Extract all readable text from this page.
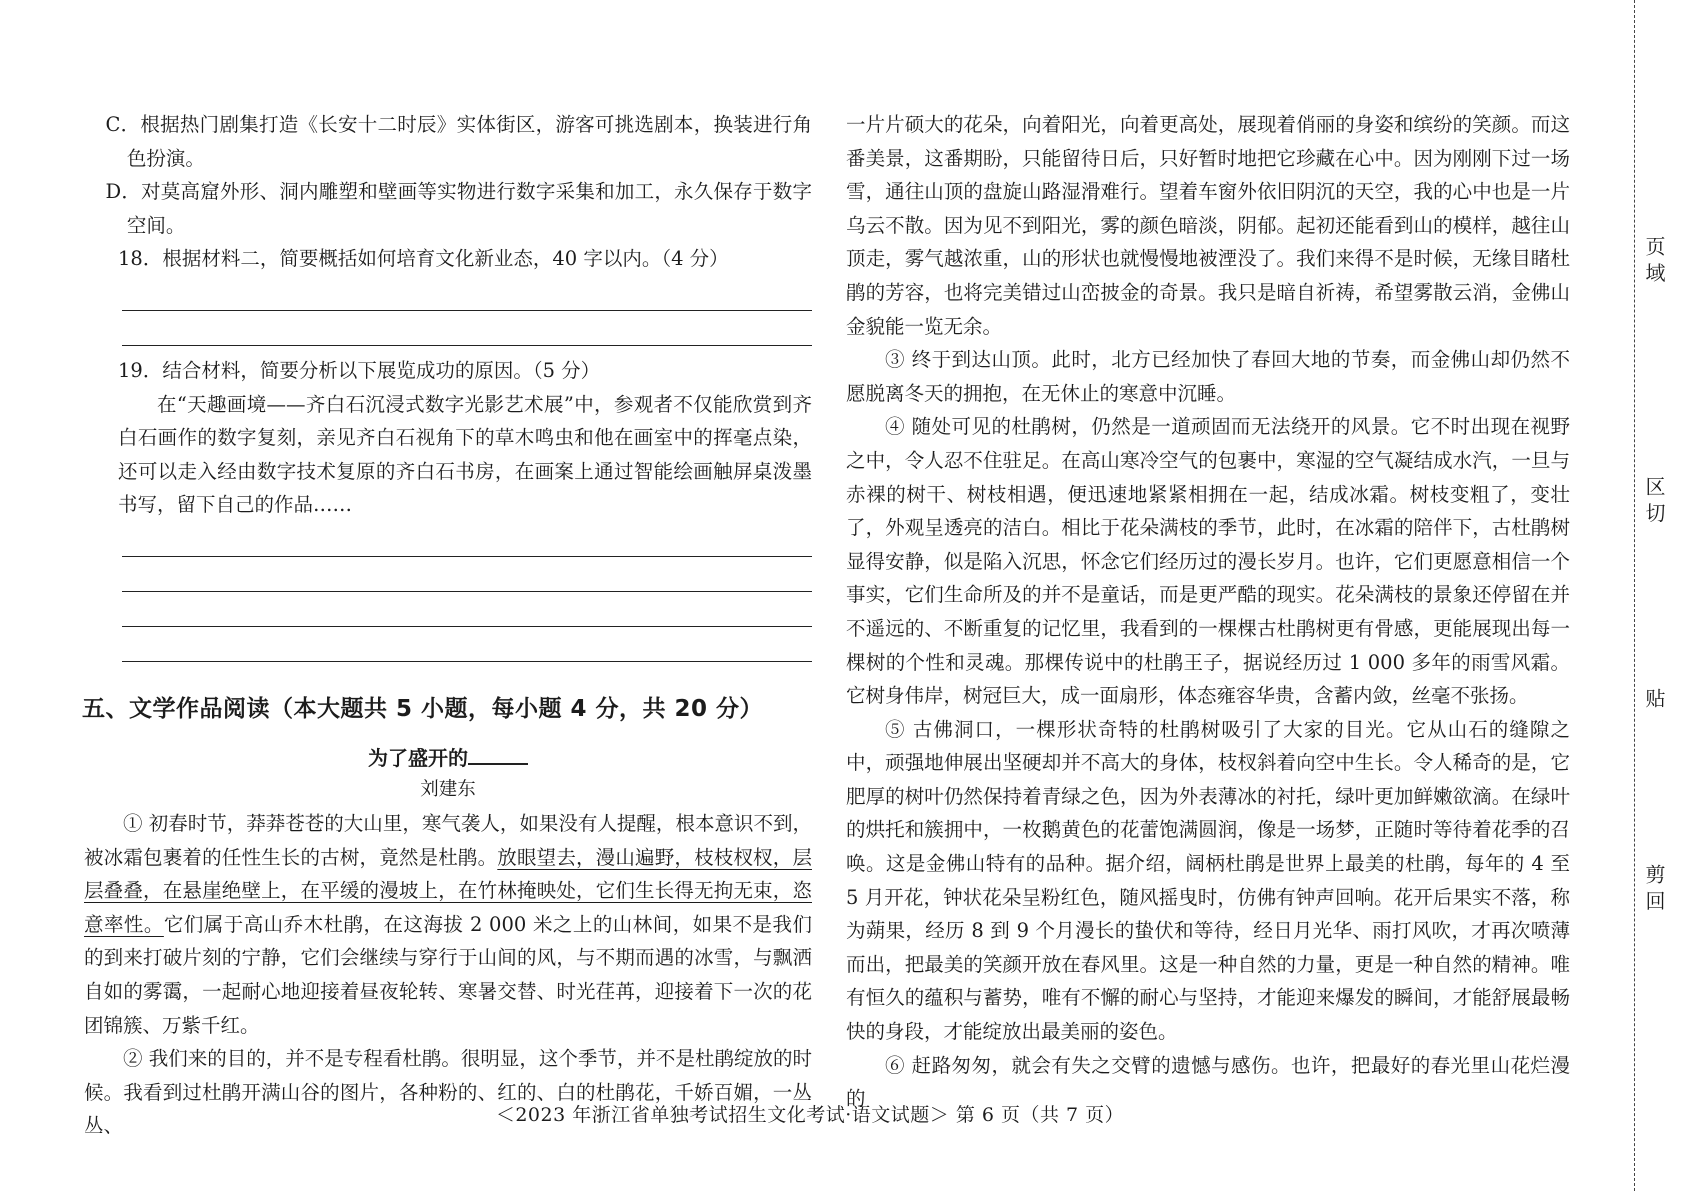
C．根据热门剧集打造《长安十二时辰》实体街区，游客可挑选剧本，换装进行角色扮演。

D．对莫高窟外形、洞内雕塑和壁画等实物进行数字采集和加工，永久保存于数字空间。

18．根据材料二，简要概括如何培育文化新业态，40 字以内。（4 分）

19．结合材料，简要分析以下展览成功的原因。（5 分）

在“天趣画境——齐白石沉浸式数字光影艺术展”中，参观者不仅能欣赏到齐白石画作的数字复刻，亲见齐白石视角下的草木鸣虫和他在画室中的挥毫点染，还可以走入经由数字技术复原的齐白石书房，在画案上通过智能绘画触屏桌泼墨书写，留下自己的作品……

五、文学作品阅读（本大题共 5 小题，每小题 4 分，共 20 分）

为了盛开的

刘建东

① 初春时节，莽莽苍苍的大山里，寒气袭人，如果没有人提醒，根本意识不到，被冰霜包裹着的任性生长的古树，竟然是杜鹃。放眼望去，漫山遍野，枝枝杈杈，层层叠叠，在悬崖绝壁上，在平缓的漫坡上，在竹林掩映处，它们生长得无拘无束，恣意率性。它们属于高山乔木杜鹃，在这海拔 2 000 米之上的山林间，如果不是我们的到来打破片刻的宁静，它们会继续与穿行于山间的风，与不期而遇的冰雪，与飘洒自如的雾霭，一起耐心地迎接着昼夜轮转、寒暑交替、时光荏苒，迎接着下一次的花团锦簇、万紫千红。

② 我们来的目的，并不是专程看杜鹃。很明显，这个季节，并不是杜鹃绽放的时候。我看到过杜鹃开满山谷的图片，各种粉的、红的、白的杜鹃花，千娇百媚，一丛丛、

一片片硕大的花朵，向着阳光，向着更高处，展现着俏丽的身姿和缤纷的笑颜。而这番美景，这番期盼，只能留待日后，只好暂时地把它珍藏在心中。因为刚刚下过一场雪，通往山顶的盘旋山路湿滑难行。望着车窗外依旧阴沉的天空，我的心中也是一片乌云不散。因为见不到阳光，雾的颜色暗淡，阴郁。起初还能看到山的模样，越往山顶走，雾气越浓重，山的形状也就慢慢地被湮没了。我们来得不是时候，无缘目睹杜鹃的芳容，也将完美错过山峦披金的奇景。我只是暗自祈祷，希望雾散云消，金佛山金貌能一览无余。

③ 终于到达山顶。此时，北方已经加快了春回大地的节奏，而金佛山却仍然不愿脱离冬天的拥抱，在无休止的寒意中沉睡。

④ 随处可见的杜鹃树，仍然是一道顽固而无法绕开的风景。它不时出现在视野之中，令人忍不住驻足。在高山寒冷空气的包裹中，寒湿的空气凝结成水汽，一旦与赤裸的树干、树枝相遇，便迅速地紧紧相拥在一起，结成冰霜。树枝变粗了，变壮了，外观呈透亮的洁白。相比于花朵满枝的季节，此时，在冰霜的陪伴下，古杜鹃树显得安静，似是陷入沉思，怀念它们经历过的漫长岁月。也许，它们更愿意相信一个事实，它们生命所及的并不是童话，而是更严酷的现实。花朵满枝的景象还停留在并不遥远的、不断重复的记忆里，我看到的一棵棵古杜鹃树更有骨感，更能展现出每一棵树的个性和灵魂。那棵传说中的杜鹃王子，据说经历过 1 000 多年的雨雪风霜。它树身伟岸，树冠巨大，成一面扇形，体态雍容华贵，含蓄内敛，丝毫不张扬。

⑤ 古佛洞口，一棵形状奇特的杜鹃树吸引了大家的目光。它从山石的缝隙之中，顽强地伸展出坚硬却并不高大的身体，枝杈斜着向空中生长。令人稀奇的是，它肥厚的树叶仍然保持着青绿之色，因为外表薄冰的衬托，绿叶更加鲜嫩欲滴。在绿叶的烘托和簇拥中，一枚鹅黄色的花蕾饱满圆润，像是一场梦，正随时等待着花季的召唤。这是金佛山特有的品种。据介绍，阔柄杜鹃是世界上最美的杜鹃，每年的 4 至 5 月开花，钟状花朵呈粉红色，随风摇曳时，仿佛有钟声回响。花开后果实不落，称为蒴果，经历 8 到 9 个月漫长的蛰伏和等待，经日月光华、雨打风吹，才再次喷薄而出，把最美的笑颜开放在春风里。这是一种自然的力量，更是一种自然的精神。唯有恒久的蕴积与蓄势，唯有不懈的耐心与坚持，才能迎来爆发的瞬间，才能舒展最畅快的身段，才能绽放出最美丽的姿色。

⑥ 赶路匆匆，就会有失之交臂的遗憾与感伤。也许，把最好的春光里山花烂漫的

＜2023 年浙江省单独考试招生文化考试·语文试题＞ 第 6 页（共 7 页）
页 域
区 切
贴
剪 回
